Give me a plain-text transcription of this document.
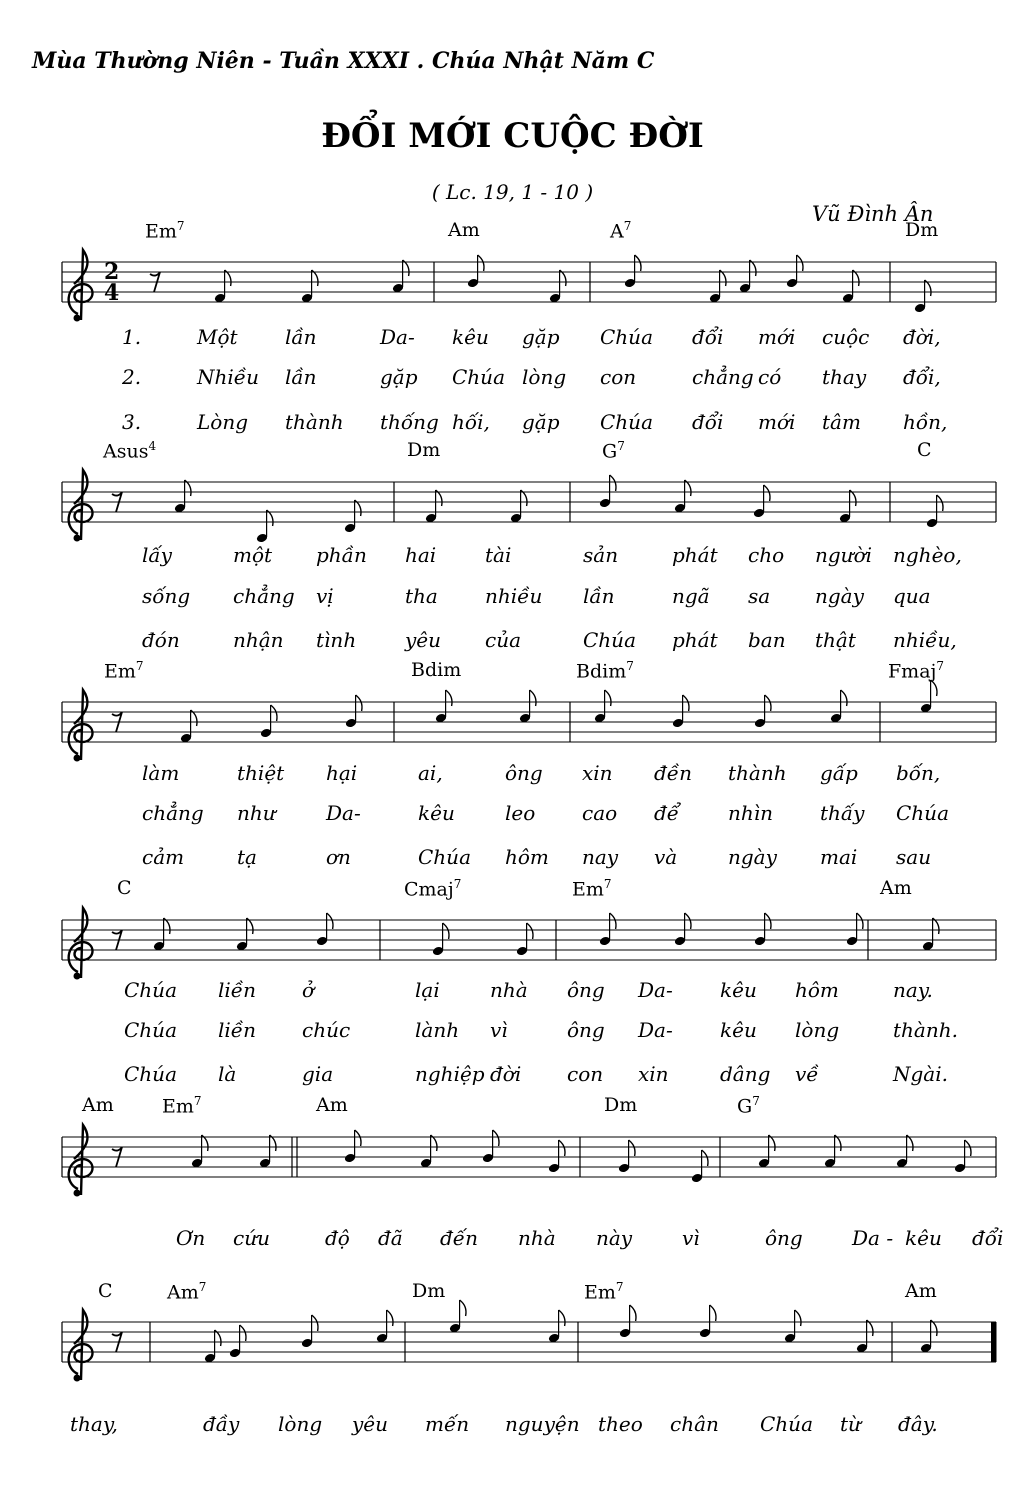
Mùa Thường Niên - Tuần XXXI . Chúa Nhật Năm C
ĐỔI MỚI CUỘC ĐỜI
( Lc. 19, 1 - 10 )
Vũ Đình Ân
2
4
Em$^7$	Am	$A^7$	Dm
1.	Một lần	Da- kêu gặp Chúa đổi mới cuộc đời,
2.	Nhiều lần	gặp Chúa lòng con	chẳng có thay đổi,
3.	Lòng thành thống hối, gặp Chúa đổi mới tâm hồn,
Asus$^4$	Dm	$G^7$	C
lấy	một phần hai tài	sản	phát cho người nghèo,
sống chẳng vị	tha nhiều lần	ngã sa ngày qua
đón	nhận tình yêu của	Chúa phát ban thật nhiều,
Em$^7$	Bdim	Bdim$^7$	Fmaj$^7$
làm	thiệt hại	ai,	ông xin đền thành gấp bốn,
chẳng như	Da-	kêu	leo cao để nhìn thấy Chúa
cảm	tạ	ơn	Chúa hôm nay và	ngày mai sau
C	Cmaj$^7$	Em$^7$	Am
Chúa liền ở	lại	nhà ông Da- kêu hôm	nay.
Chúa liền chúc	lành vì	ông Da- kêu lòng	thành.
Chúa là	gia	nghiệp đời con xin	dâng về	Ngài.
Am	Em$^7$	Am	Dm	$G^7$
Ơn cứu	độ đã đến nhà này vì	ông Da - kêu đổi
C	Am$^7$	Dm	Em$^7$	Am
thay,	đầy lòng yêu mến nguyện theo chân Chúa từ đây.
